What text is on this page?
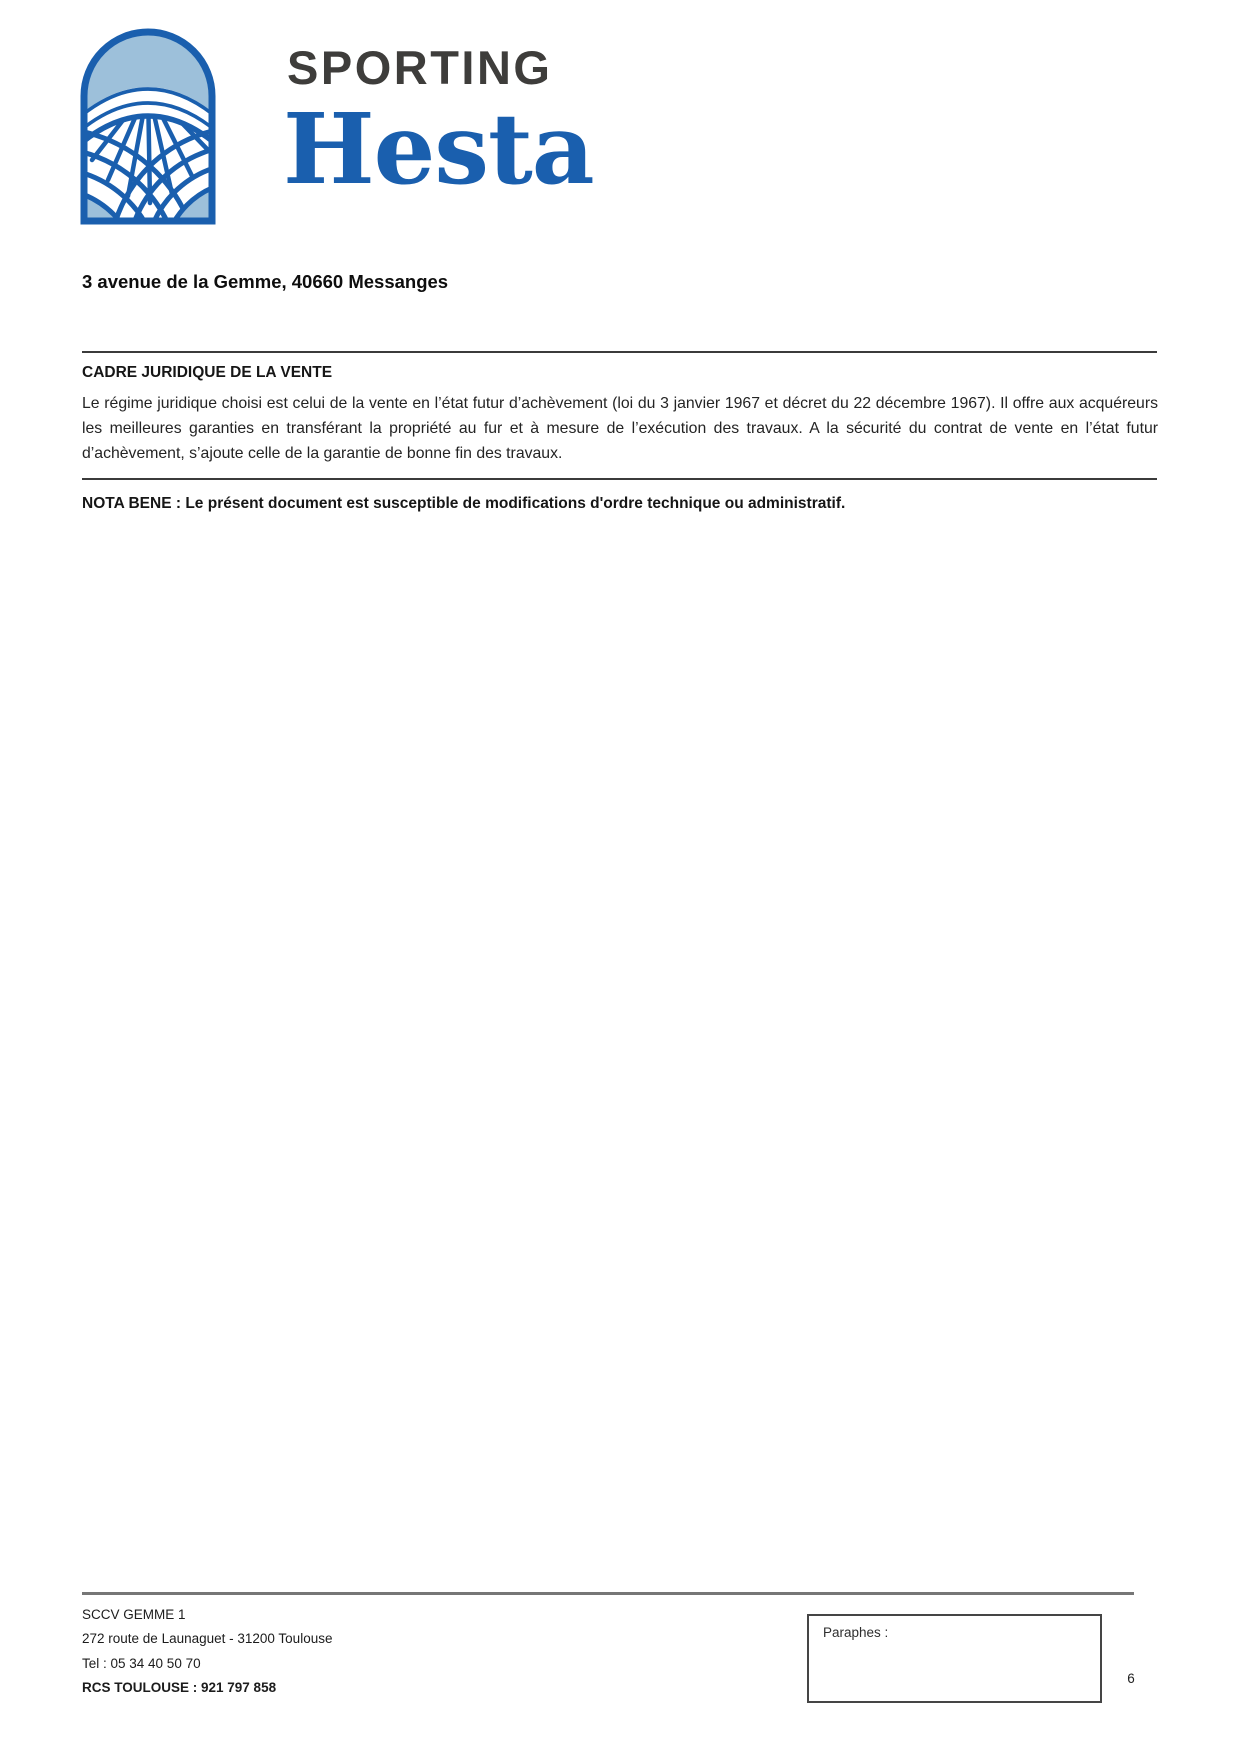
SPORTING
Hesta
3 avenue de la Gemme, 40660 Messanges
CADRE JURIDIQUE DE LA VENTE

Le régime juridique choisi est celui de la vente en l’état futur d’achèvement (loi du 3 janvier 1967 et décret du 22 décembre 1967). Il offre aux acquéreurs les meilleures garanties en transférant la propriété au fur et à mesure de l’exécution des travaux. A la sécurité du contrat de vente en l’état futur d’achèvement, s’ajoute celle de la garantie de bonne fin des travaux.

NOTA BENE : Le présent document est susceptible de modifications d'ordre technique ou administratif.

SCCV GEMME 1
272 route de Launaguet - 31200 Toulouse
Tel : 05 34 40 50 70
RCS TOULOUSE : 921 797 858
Paraphes :
6
